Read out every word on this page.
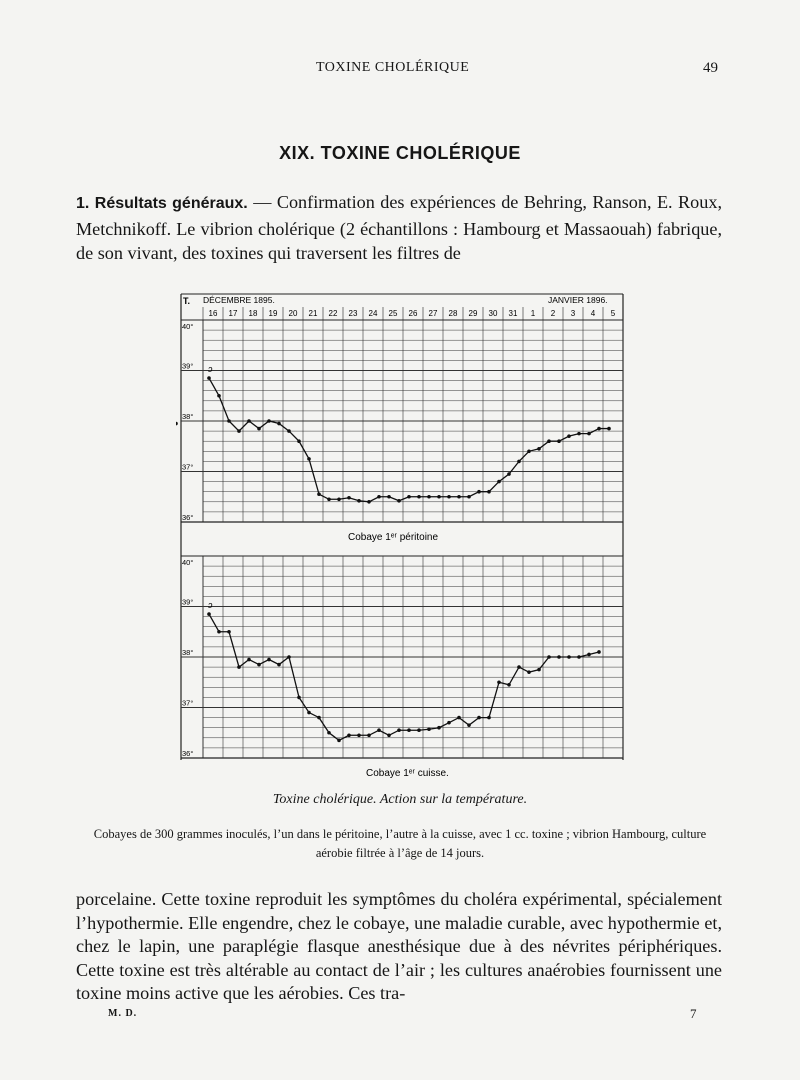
TOXINE CHOLÉRIQUE	49
XIX. TOXINE CHOLÉRIQUE
1. Résultats généraux. — Confirmation des expériences de Behring, Ranson, E. Roux, Metchnikoff. Le vibrion cholérique (2 échantillons : Hambourg et Massaouah) fabrique, de son vivant, des toxines qui traversent les filtres de
T. DÉCEMBRE 1895.	JANVIER 1896.
16 17 18 19 20 21 22 23 24 25 26 27 28 29 30 31 1 2 3 4 5
40°
39°
38°
37°
36°
ↄ
Cobaye 1ᵉʳ péritoine
40°
39°
38°
37°
36°
ↄ
Cobaye 1ᵉʳ cuisse.
Toxine cholérique. Action sur la température.
Cobayes de 300 grammes inoculés, l’un dans le péritoine, l’autre à la cuisse, avec 1 cc. toxine ; vibrion Hambourg, culture aérobie filtrée à l’âge de 14 jours.
porcelaine. Cette toxine reproduit les symptômes du choléra expérimental, spécialement l’hypothermie. Elle engendre, chez le cobaye, une maladie curable, avec hypothermie et, chez le lapin, une paraplégie flasque anesthésique due à des névrites périphériques. Cette toxine est très altérable au contact de l’air ; les cultures anaérobies fournissent une toxine moins active que les aérobies. Ces tra-
M. D.	7
